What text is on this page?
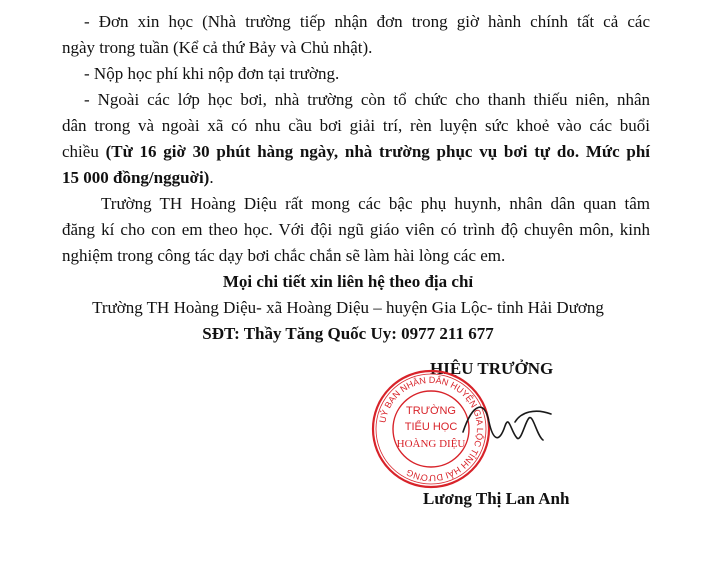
- Đơn xin học (Nhà trường tiếp nhận đơn trong giờ hành chính tất cả các
ngày trong tuần (Kể cả thứ Bảy và Chủ nhật).
- Nộp học phí khi nộp đơn tại trường.
- Ngoài các lớp học bơi, nhà trường còn tổ chức cho thanh thiếu niên, nhân
dân trong và ngoài xã có nhu cầu bơi giải trí, rèn luyện sức khoẻ vào các buổi
chiều (Từ 16 giờ 30 phút hàng ngày, nhà trường phục vụ bơi tự do. Mức phí
15 000 đồng/ngguời).
Trường TH Hoàng Diệu rất mong các bậc phụ huynh, nhân dân quan tâm
đăng kí cho con em theo học. Với đội ngũ giáo viên có trình độ chuyên môn, kinh
nghiệm trong công tác dạy bơi chắc chắn sẽ làm hài lòng các em.
Mọi chi tiết xin liên hệ theo địa chỉ
Trường TH Hoàng Diệu- xã Hoàng Diệu – huyện Gia Lộc- tỉnh Hải Dương
SĐT: Thầy Tăng Quốc Uy: 0977 211 677
HIỆU TRƯỞNG
UỶ BAN NHÂN DÂN HUYỆN GIA LỘC TỈNH HẢI DƯƠNG
TRƯỜNG
TIỂU HỌC
HOÀNG DIỆU
Lương Thị Lan Anh
